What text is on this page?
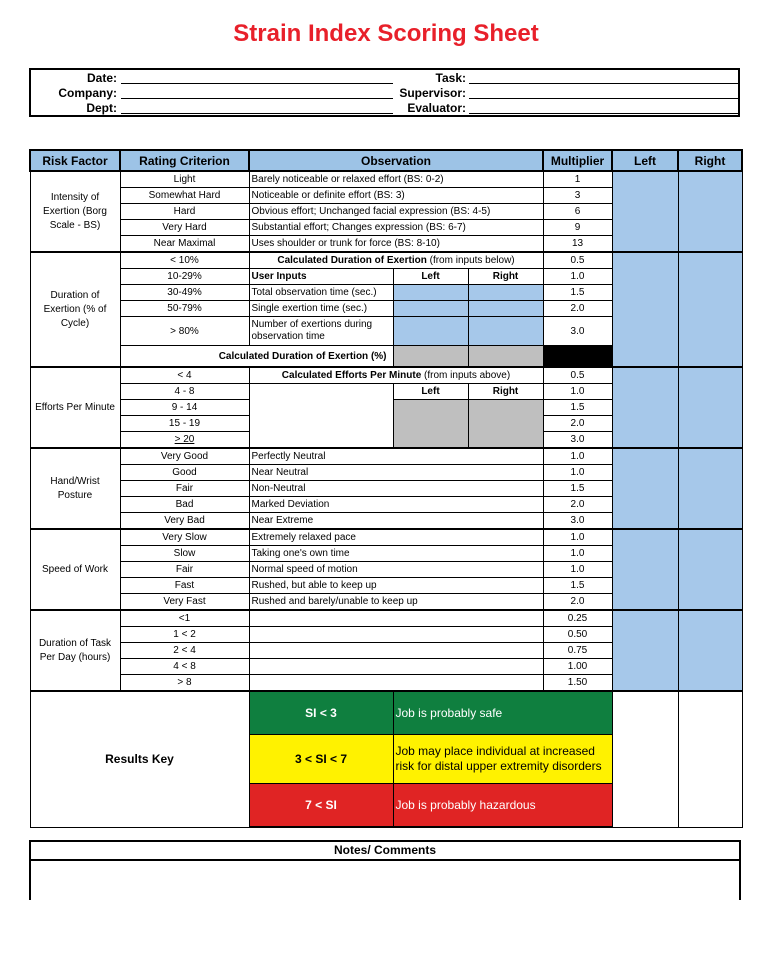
Strain Index Scoring Sheet
Date:
Company:
Dept:
Task:
Supervisor:
Evaluator:
Risk Factor	Rating Criterion	Observation			Multiplier	Left	Right
Intensity of Exertion (Borg Scale - BS)	Light	Barely noticeable or relaxed effort (BS: 0-2)			1		
	Somewhat Hard	Noticeable or definite effort (BS: 3)			3		
	Hard	Obvious effort; Unchanged facial expression (BS: 4-5)			6		
	Very Hard	Substantial effort; Changes expression (BS: 6-7)			9		
	Near Maximal	Uses shoulder or trunk for force (BS: 8-10)			13		
Duration of Exertion (% of Cycle)	< 10%	Calculated Duration of Exertion (from inputs below)			0.5		
	10-29%	User Inputs	Left	Right	1.0		
	30-49%	Total observation time (sec.)			1.5		
	50-79%	Single exertion time (sec.)			2.0		
	> 80%	Number of exertions during observation time			3.0		
	Calculated Duration of Exertion (%)						
Efforts Per Minute	< 4	Calculated Efforts Per Minute (from inputs above)			0.5		
	4 - 8		Left	Right	1.0		
	9 - 14				1.5		
	15 - 19				2.0		
	> 20				3.0		
Hand/Wrist Posture	Very Good	Perfectly Neutral			1.0		
	Good	Near Neutral			1.0		
	Fair	Non-Neutral			1.5		
	Bad	Marked Deviation			2.0		
	Very Bad	Near Extreme			3.0		
Speed of Work	Very Slow	Extremely relaxed pace			1.0		
	Slow	Taking one's own time			1.0		
	Fair	Normal speed of motion			1.0		
	Fast	Rushed, but able to keep up			1.5		
	Very Fast	Rushed and barely/unable to keep up			2.0		
Duration of Task Per Day (hours)	<1				0.25		
	1 < 2				0.50		
	2 < 4				0.75		
	4 < 8				1.00		
	> 8				1.50		
Results Key		SI < 3	Job is probably safe				
		3 < SI < 7	Job may place individual at increased risk for distal upper extremity disorders				
		7 < SI	Job is probably hazardous				
Notes/ Comments
